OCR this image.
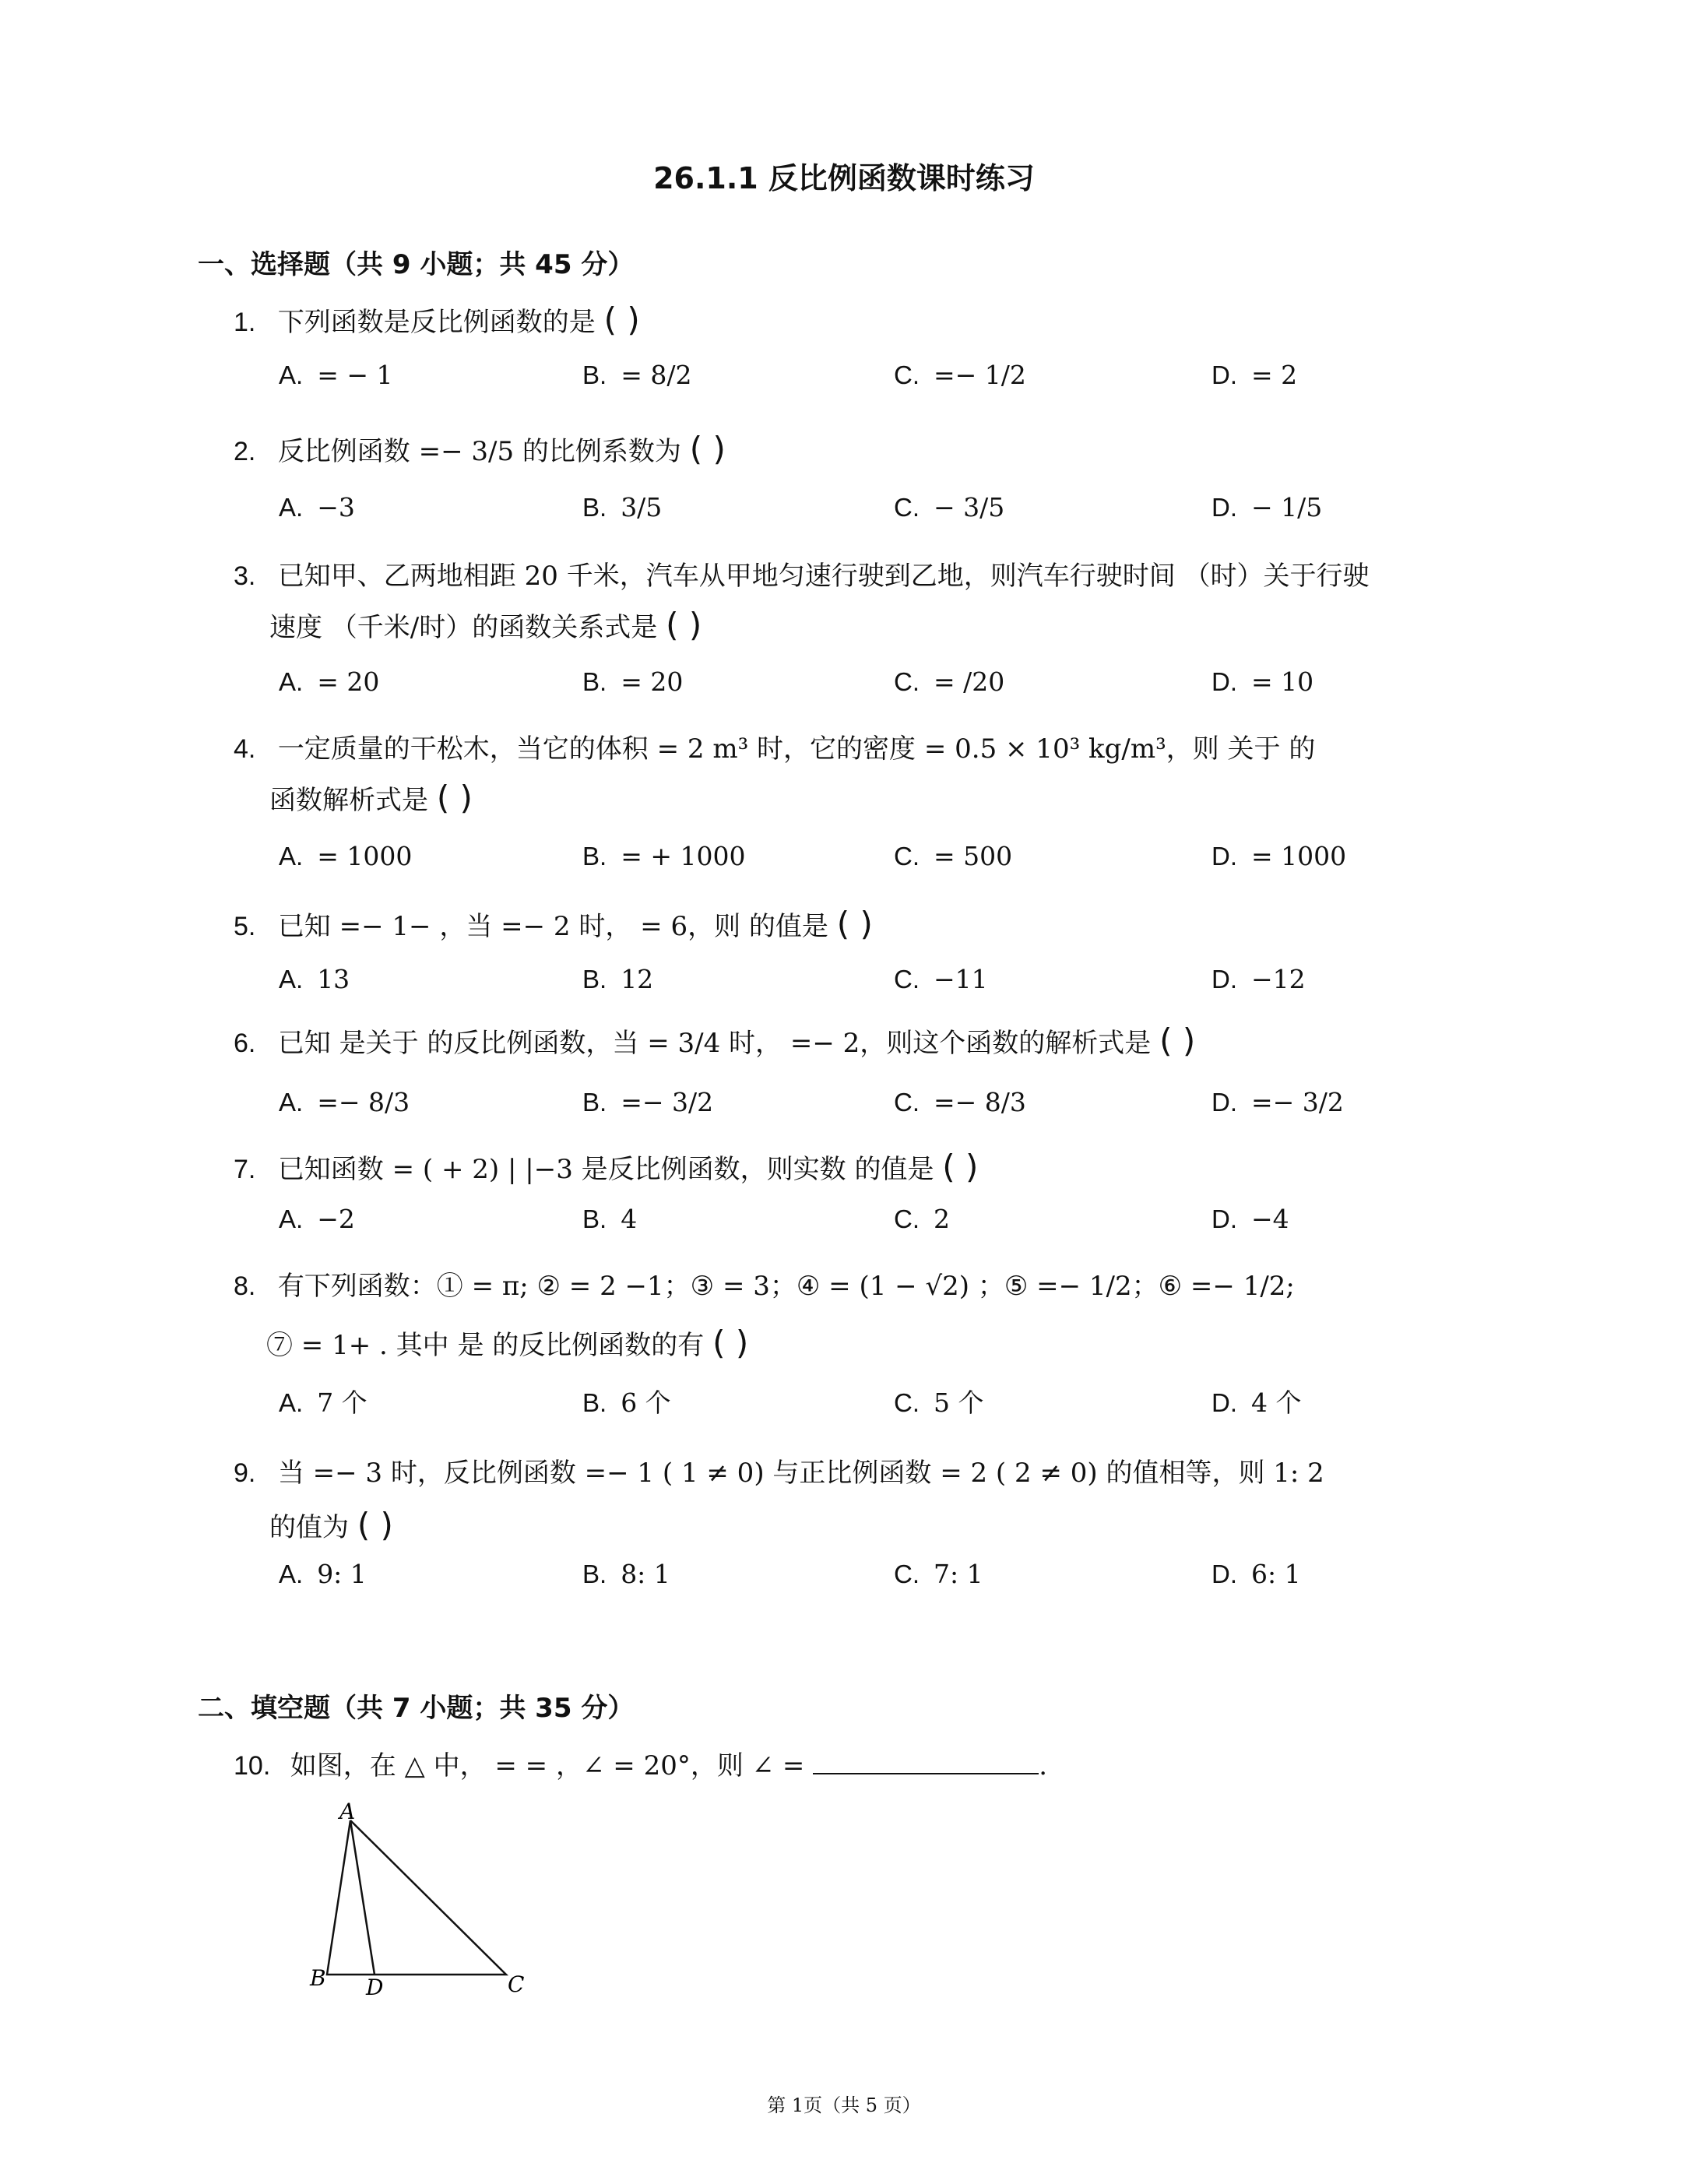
26.1.1 反比例函数课时练习
一、选择题（共 9 小题；共 45 分）
1. 下列函数是反比例函数的是 ( )
A. = − 1	B. = 8/2	C. =− 1/2	D. = 2
2. 反比例函数 =− 3/5 的比例系数为 ( )
A. −3	B. 3/5	C. − 3/5	D. − 1/5
3. 已知甲、乙两地相距 20 千米，汽车从甲地匀速行驶到乙地，则汽车行驶时间 （时）关于行驶
速度 （千米/时）的函数关系式是 ( )
A. = 20	B. = 20	C. = /20	D. = 10
4. 一定质量的干松木，当它的体积 = 2 m³ 时，它的密度 = 0.5 × 10³ kg/m³，则 关于 的
函数解析式是 ( )
A. = 1000	B. = + 1000	C. = 500	D. = 1000
5. 已知 =− 1− ，当 =− 2 时， = 6，则 的值是 ( )
A. 13	B. 12	C. −11	D. −12
6. 已知 是关于 的反比例函数，当 = 3/4 时， =− 2，则这个函数的解析式是 ( )
A. =− 8/3	B. =− 3/2	C. =− 8/3	D. =− 3/2
7. 已知函数 = ( + 2) | |−3 是反比例函数，则实数 的值是 ( )
A. −2	B. 4	C. 2	D. −4
8. 有下列函数：① = π; ② = 2 −1；③ = 3；④ = (1 − √2) ；⑤ =− 1/2；⑥ =− 1/2;
⑦ = 1+ . 其中 是 的反比例函数的有 ( )
A. 7 个	B. 6 个	C. 5 个	D. 4 个
9. 当 =− 3 时，反比例函数 =− 1 ( 1 ≠ 0) 与正比例函数 = 2 ( 2 ≠ 0) 的值相等，则 1: 2
的值为 ( )
A. 9: 1	B. 8: 1	C. 7: 1	D. 6: 1
二、填空题（共 7 小题；共 35 分）
10. 如图，在 △ 中， = = ，∠ = 20°，则 ∠ =	.
A
B D	C
第 1页（共 5 页）
